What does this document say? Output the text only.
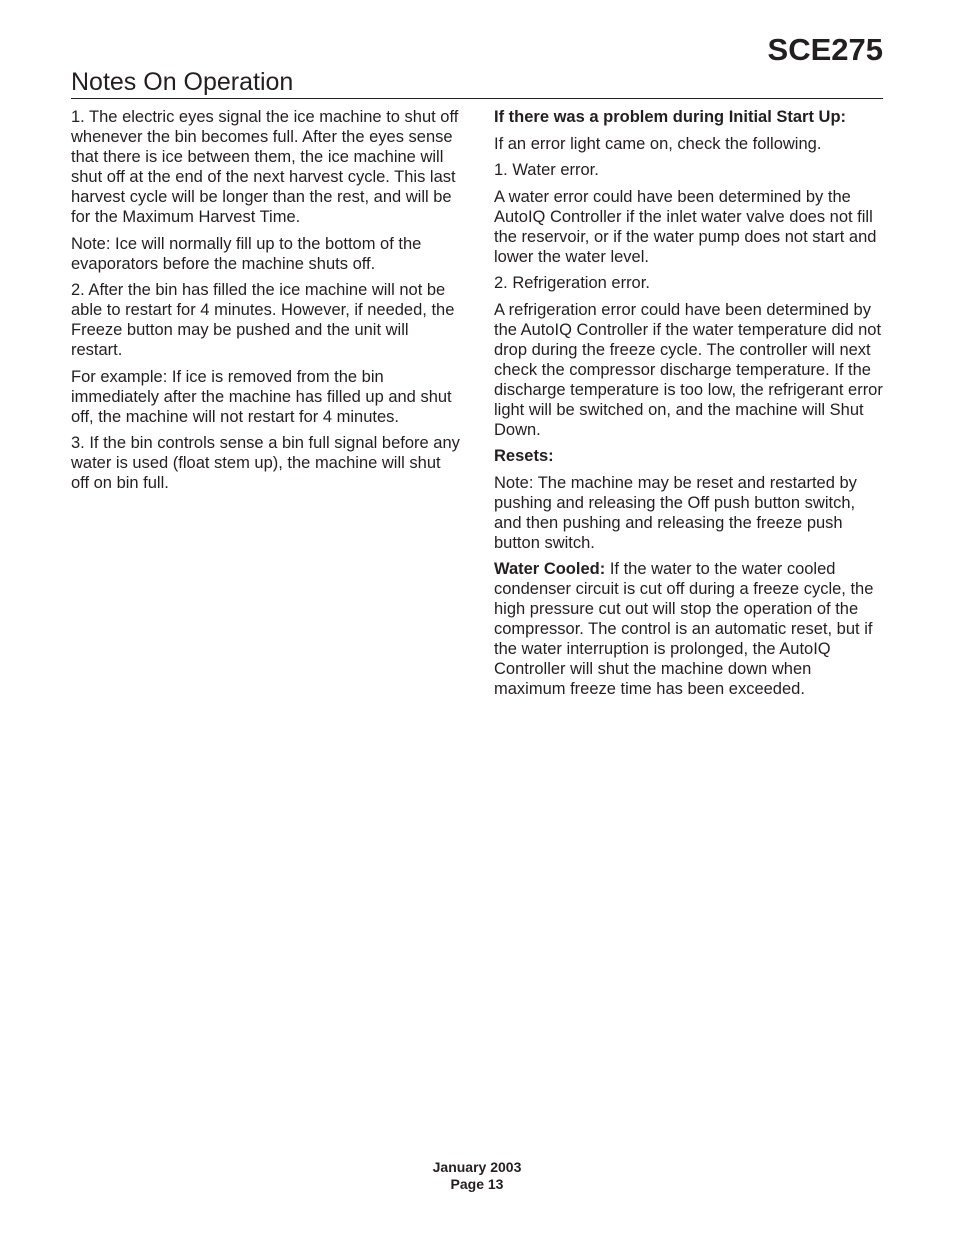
SCE275
Notes On Operation

1. The electric eyes signal the ice machine to shut off whenever the bin becomes full. After the eyes sense that there is ice between them, the ice machine will shut off at the end of the next harvest cycle. This last harvest cycle will be longer than the rest, and will be for the Maximum Harvest Time.

Note: Ice will normally fill up to the bottom of the evaporators before the machine shuts off.

2. After the bin has filled the ice machine will not be able to restart for 4 minutes. However, if needed, the Freeze button may be pushed and the unit will restart.

For example: If ice is removed from the bin immediately after the machine has filled up and shut off, the machine will not restart for 4 minutes.

3. If the bin controls sense a bin full signal before any water is used (float stem up), the machine will shut off on bin full.

If there was a problem during Initial Start Up:

If an error light came on, check the following.

1. Water error.

A water error could have been determined by the AutoIQ Controller if the inlet water valve does not fill the reservoir, or if the water pump does not start and lower the water level.

2. Refrigeration error.

A refrigeration error could have been determined by the AutoIQ Controller if the water temperature did not drop during the freeze cycle. The controller will next check the compressor discharge temperature. If the discharge temperature is too low, the refrigerant error light will be switched on, and the machine will Shut Down.

Resets:

Note: The machine may be reset and restarted by pushing and releasing the Off push button switch, and then pushing and releasing the freeze push button switch.

Water Cooled: If the water to the water cooled condenser circuit is cut off during a freeze cycle, the high pressure cut out will stop the operation of the compressor. The control is an automatic reset, but if the water interruption is prolonged, the AutoIQ Controller will shut the machine down when maximum freeze time has been exceeded.

January 2003
Page 13
